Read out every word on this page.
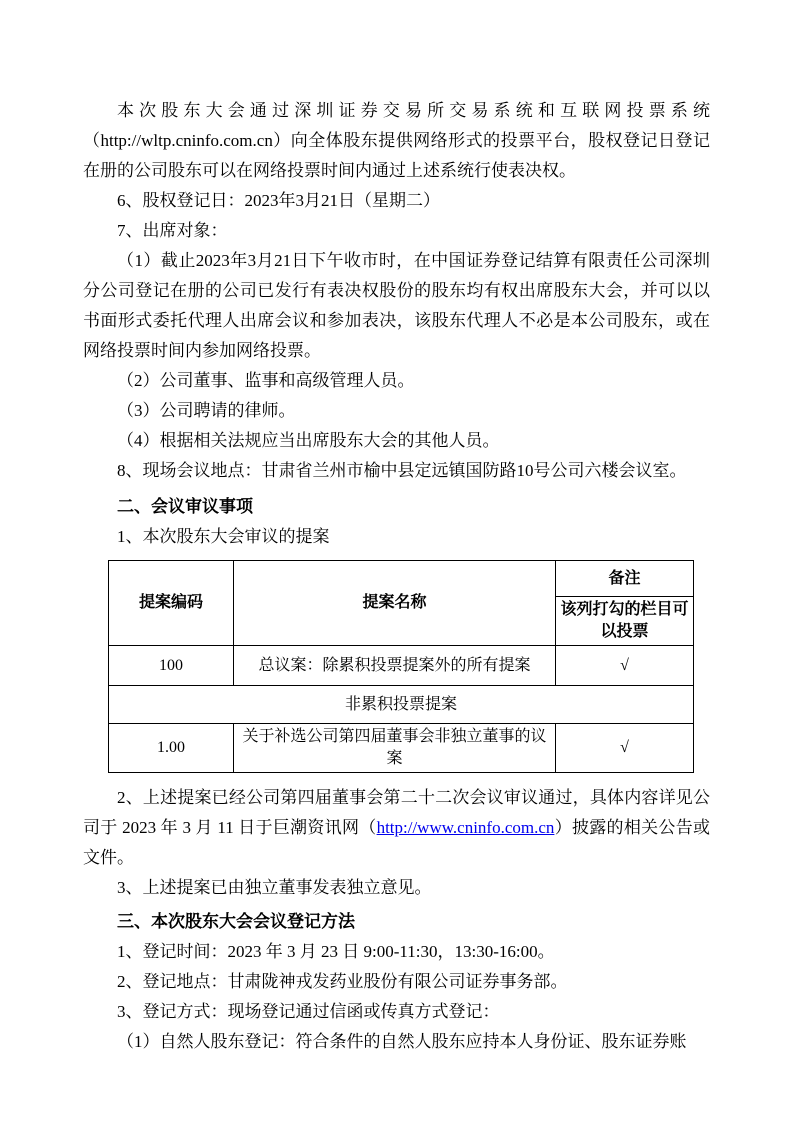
本次股东大会通过深圳证券交易所交易系统和互联网投票系统（http://wltp.cninfo.com.cn）向全体股东提供网络形式的投票平台，股权登记日登记在册的公司股东可以在网络投票时间内通过上述系统行使表决权。

6、股权登记日：2023年3月21日（星期二）

7、出席对象：

（1）截止2023年3月21日下午收市时，在中国证券登记结算有限责任公司深圳分公司登记在册的公司已发行有表决权股份的股东均有权出席股东大会，并可以以书面形式委托代理人出席会议和参加表决，该股东代理人不必是本公司股东，或在网络投票时间内参加网络投票。

（2）公司董事、监事和高级管理人员。

（3）公司聘请的律师。

（4）根据相关法规应当出席股东大会的其他人员。

8、现场会议地点：甘肃省兰州市榆中县定远镇国防路10号公司六楼会议室。

二、会议审议事项

1、本次股东大会审议的提案

提案编码	提案名称	备注
		该列打勾的栏目可以投票
100	总议案：除累积投票提案外的所有提案	√
非累积投票提案		
1.00	关于补选公司第四届董事会非独立董事的议案	√

2、上述提案已经公司第四届董事会第二十二次会议审议通过，具体内容详见公司于 2023 年 3 月 11 日于巨潮资讯网（http://www.cninfo.com.cn）披露的相关公告或文件。

3、上述提案已由独立董事发表独立意见。

三、本次股东大会会议登记方法

1、登记时间：2023 年 3 月 23 日 9:00-11:30，13:30-16:00。

2、登记地点：甘肃陇神戎发药业股份有限公司证券事务部。

3、登记方式：现场登记通过信函或传真方式登记：

（1）自然人股东登记：符合条件的自然人股东应持本人身份证、股东证券账
